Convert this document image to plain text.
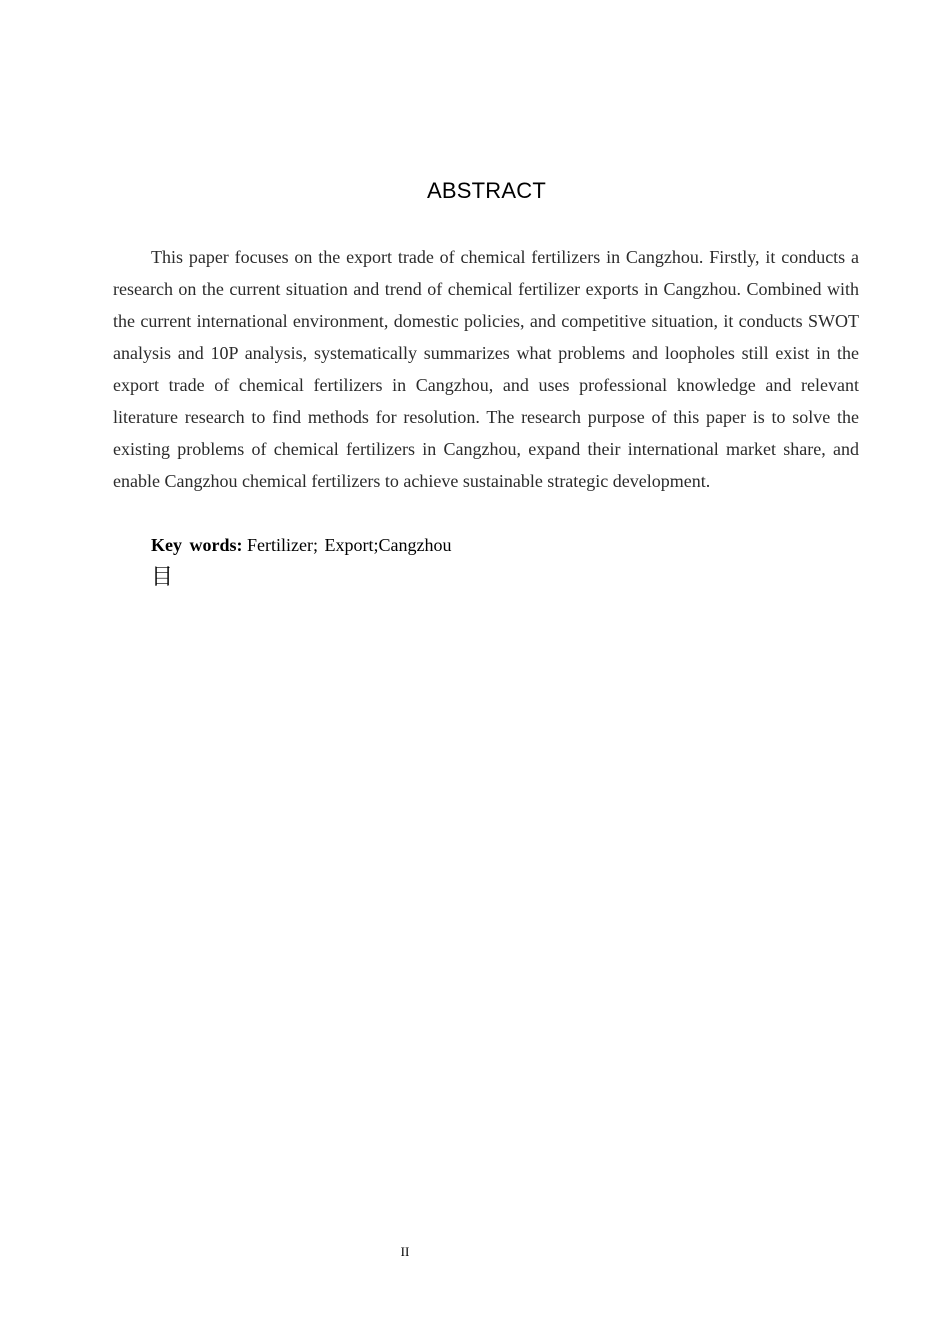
ABSTRACT

This paper focuses on the export trade of chemical fertilizers in Cangzhou. Firstly, it conducts a research on the current situation and trend of chemical fertilizer exports in Cangzhou. Combined with the current international environment, domestic policies, and competitive situation, it conducts SWOT analysis and 10P analysis, systematically summarizes what problems and loopholes still exist in the export trade of chemical fertilizers in Cangzhou, and uses professional knowledge and relevant literature research to find methods for resolution. The research purpose of this paper is to solve the existing problems of chemical fertilizers in Cangzhou, expand their international market share, and enable Cangzhou chemical fertilizers to achieve sustainable strategic development.

Key words: Fertilizer; Export;Cangzhou
目
II
